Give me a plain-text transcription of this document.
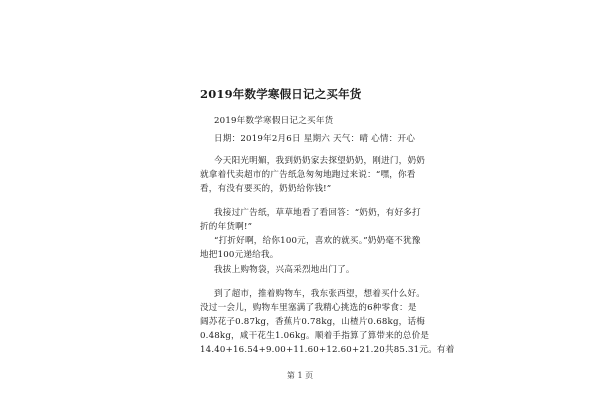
2019年数学寒假日记之买年货
2019年数学寒假日记之买年货
日期：2019年2月6日 星期六 天气：晴 心情：开心
今天阳光明媚，我到奶奶家去探望奶奶，刚进门，奶奶
就拿着代卖超市的广告纸急匆匆地跑过来说：“嘿，你看
看，有没有要买的，奶奶给你钱!”
我接过广告纸，草草地看了看回答：“奶奶，有好多打
折的年货啊!”
“打折好啊，给你100元，喜欢的就买。”奶奶毫不犹豫
地把100元递给我。
我拔上购物袋，兴高采烈地出门了。
到了超市，推着购物车，我东张西望，想着买什么好。
没过一会儿，购物车里塞满了我精心挑选的6种零食：是
阔苏花子0.87kg，香蕉片0.78kg，山楂片0.68kg，话梅
0.48kg，咸干花生1.06kg。顺着手指算了算带来的总价是
14.40+16.54+9.00+11.60+12.60+21.20共85.31元。有着
第 1 页
